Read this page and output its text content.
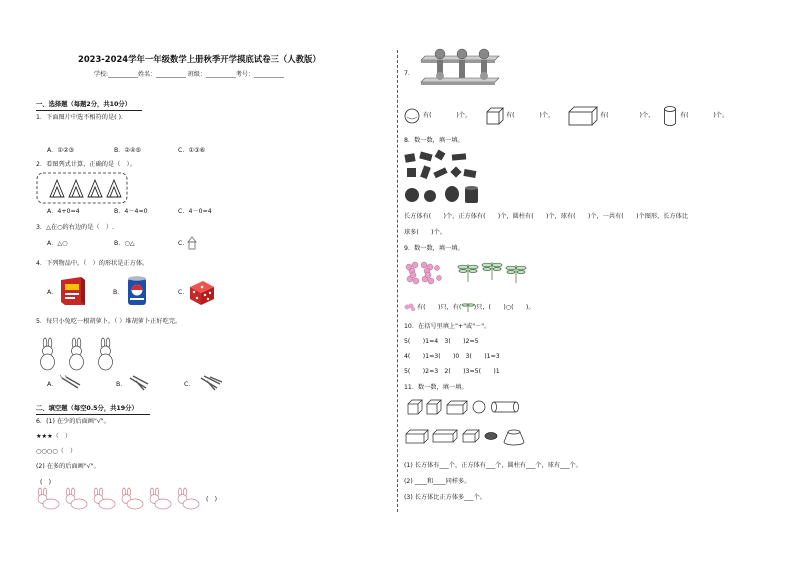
2023-2024学年一年级数学上册秋季开学摸底试卷三（人教版）
学校:__________姓名：__________ 班级：__________考号：__________
一、选择题（每题2分，共10分）
1．下面图片中选不相符的是( )．
A．①②③	B．②④⑤	C．①③⑥
2．看图列式计算，正确的是（　）。
A．4+0=4	B．4－4=0	C．4－0=4
3．△在○的右边的是（　）.
A．△○	B．○△	C．
4．下列物品中，（　）的形状是正方体。
A．	B．	C．
5．每只小兔吃一根胡萝卜，（ ）堆胡萝卜正好吃完。
A．	B．	C．
二、填空题（每空0.5分，共19分）
6．(1) 在少的后面画"√"。
★★★（　）
○○○○（　）
(2) 在多的后面画"√"。
(　)
(　)
7．
有(　　　　)个，	有(　　　　)个，	有(　　　　　)个，	有(　　　　)个。
8．数一数，填一填。
长方体有(　　)个，正方体有(　　)个，圆柱有(　　)个，球有(　　)个，一共有(　　)个图形，长方体比
球多(　　)个。
9．数一数，填一填。
有(　　)只，有(　　)只，(　　)○(　　)。
10．在括号里填上"+"或"－"。
5(　　)1=4　3(　　)2=5
4(　　)1=3(　　)0　3(　　)1=3
5(　　)2=3　2(　　)3=5(　　)1
11．数一数，填一填。
(1) 长方体有___个，正方体有___个，圆柱有___个，球有___个。
(2) ____和____同样多。
(3) 长方体比正方体多___个。
